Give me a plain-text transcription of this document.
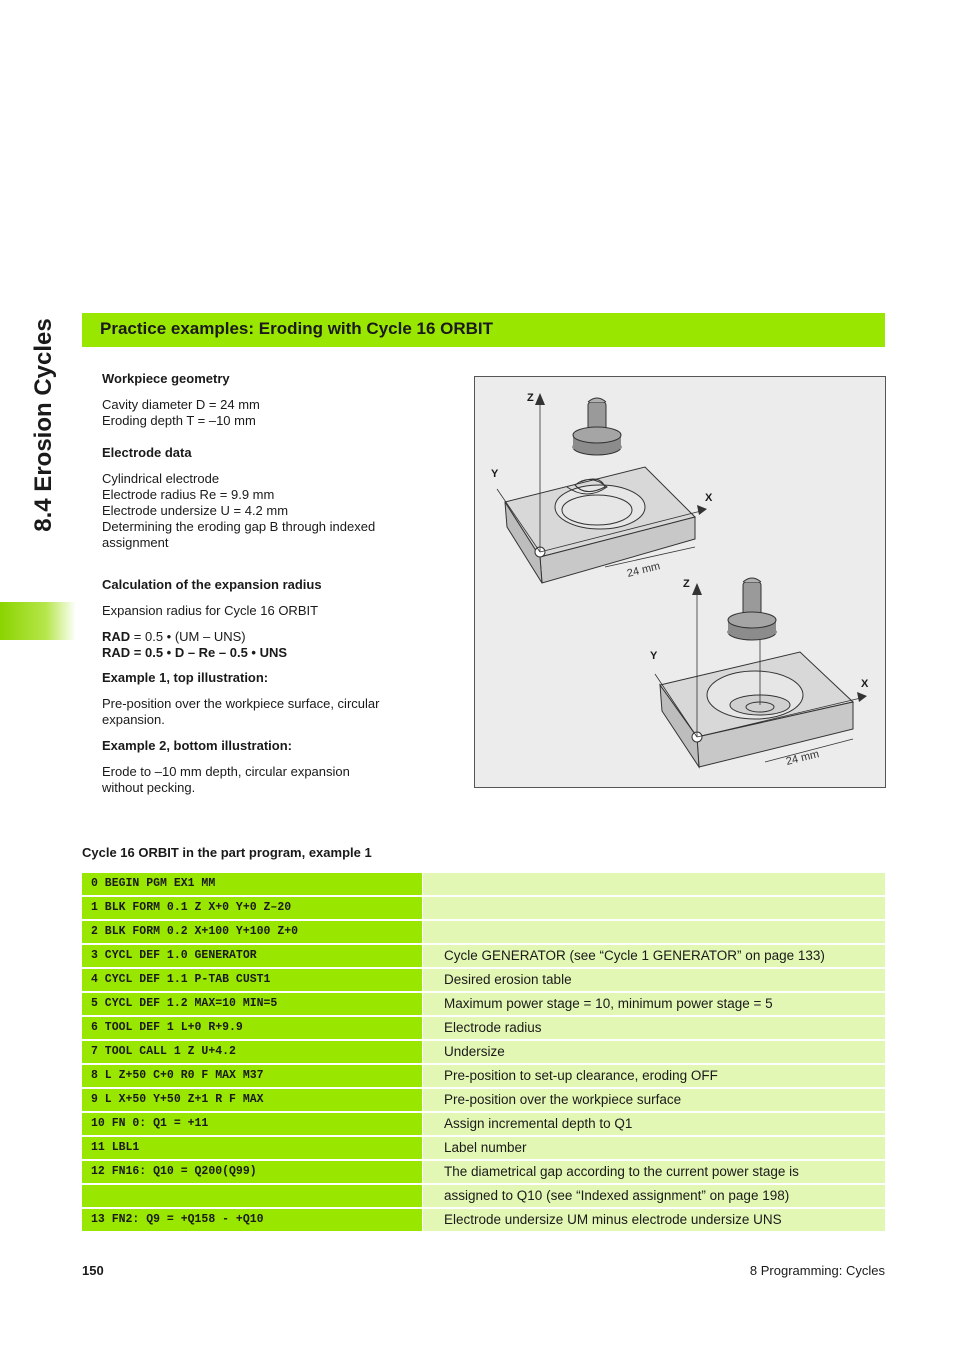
8.4 Erosion Cycles	Practice examples: Eroding with Cycle 16 ORBIT
Workpiece geometry

Cavity diameter D = 24 mm

Eroding depth T = –10 mm

Electrode data

Cylindrical electrode

Electrode radius Re = 9.9 mm

Electrode undersize U = 4.2 mm

Determining the eroding gap B through indexed assignment

Calculation of the expansion radius

Expansion radius for Cycle 16 ORBIT

RAD = 0.5 • (UM – UNS)

RAD = 0.5 • D – Re – 0.5 • UNS

Example 1, top illustration:

Pre-position over the workpiece surface, circular expansion.

Example 2, bottom illustration:

Erode to –10 mm depth, circular expansion without pecking.

Z
Y
X
24 mm
Z
Y
X
24 mm
Cycle 16 ORBIT in the part program, example 1
0 BEGIN PGM EX1 MM
1 BLK FORM 0.1 Z X+0 Y+0 Z–20
2 BLK FORM 0.2 X+100 Y+100 Z+0
3 CYCL DEF 1.0 GENERATOR	Cycle GENERATOR (see “Cycle 1 GENERATOR” on page 133)
4 CYCL DEF 1.1 P-TAB CUST1	Desired erosion table
5 CYCL DEF 1.2 MAX=10 MIN=5	Maximum power stage = 10, minimum power stage = 5
6 TOOL DEF 1 L+0 R+9.9	Electrode radius
7 TOOL CALL 1 Z U+4.2	Undersize
8 L Z+50 C+0 R0 F MAX M37	Pre-position to set-up clearance, eroding OFF
9 L X+50 Y+50 Z+1 R F MAX	Pre-position over the workpiece surface
10 FN 0: Q1 = +11	Assign incremental depth to Q1
11 LBL1	Label number
12 FN16: Q10 = Q200(Q99)	The diametrical gap according to the current power stage is
assigned to Q10 (see “Indexed assignment” on page 198)
13 FN2: Q9 = +Q158 - +Q10	Electrode undersize UM minus electrode undersize UNS
150	8 Programming: Cycles
